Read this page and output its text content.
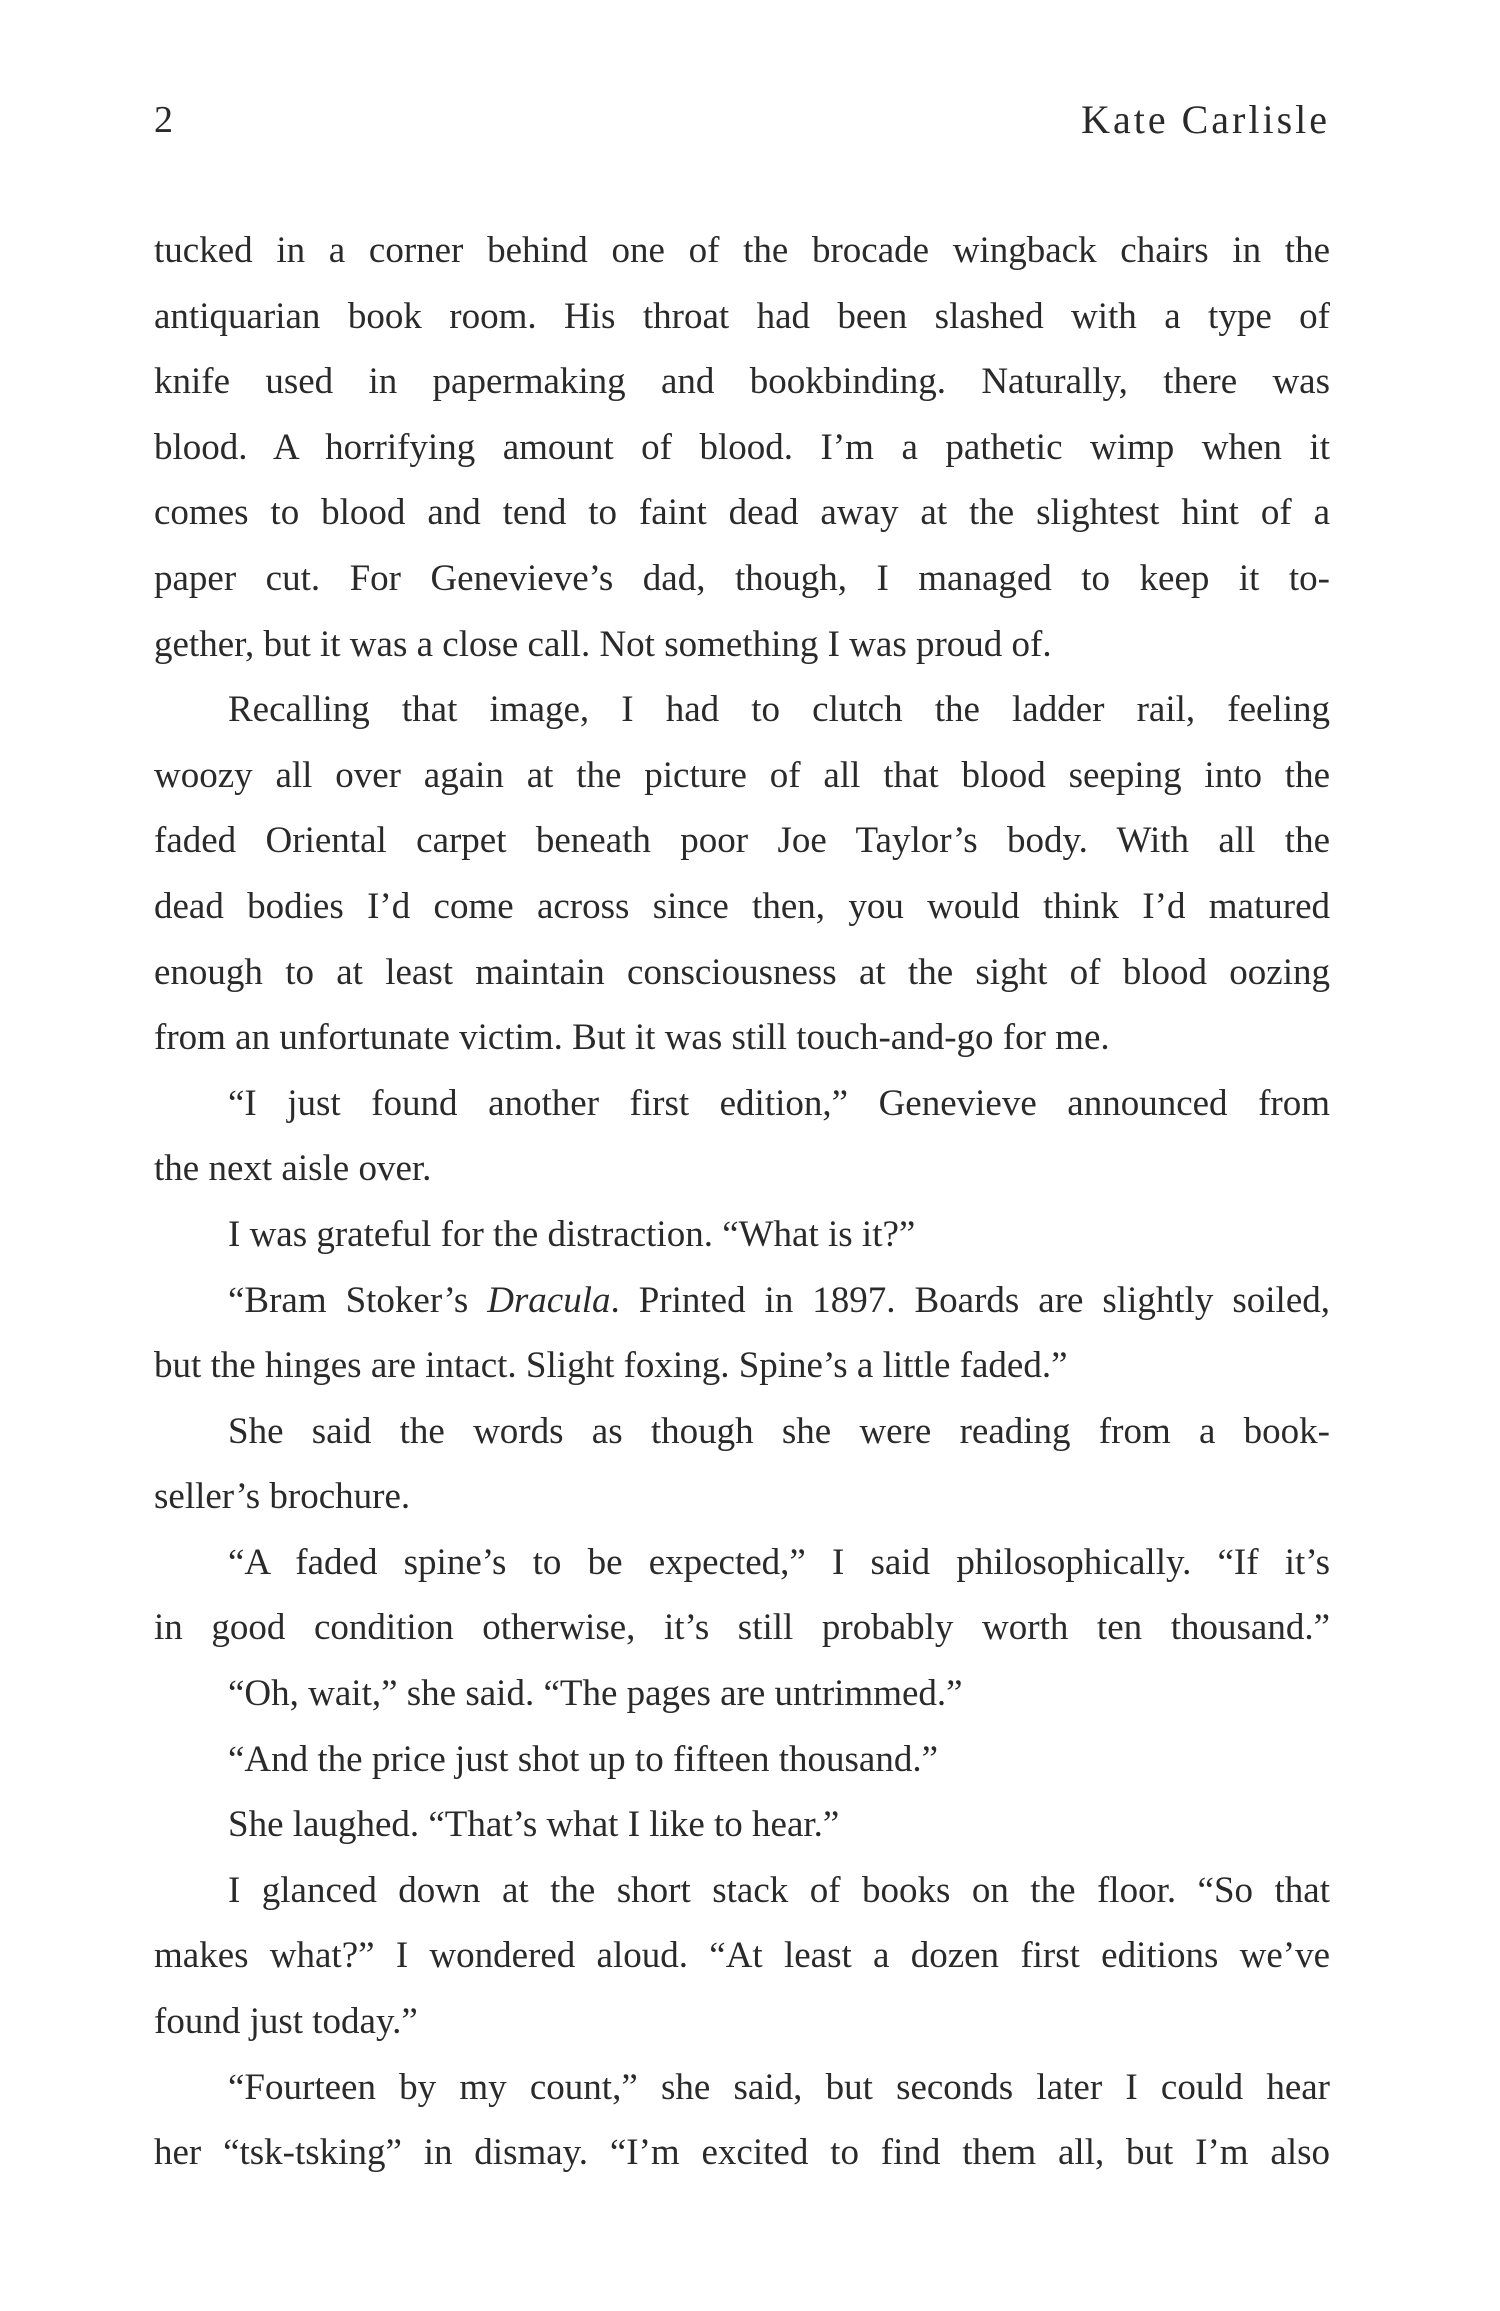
2	Kate Carlisle
tucked in a corner behind one of the brocade wingback chairs in the
antiquarian book room. His throat had been slashed with a type of
knife used in papermaking and bookbinding. Naturally, there was
blood. A horrifying amount of blood. I’m a pathetic wimp when it
comes to blood and tend to faint dead away at the slightest hint of a
paper cut. For Genevieve’s dad, though, I managed to keep it to-
gether, but it was a close call. Not something I was proud of.
Recalling that image, I had to clutch the ladder rail, feeling
woozy all over again at the picture of all that blood seeping into the
faded Oriental carpet beneath poor Joe Taylor’s body. With all the
dead bodies I’d come across since then, you would think I’d matured
enough to at least maintain consciousness at the sight of blood oozing
from an unfortunate victim. But it was still touch-and-go for me.
“I just found another first edition,” Genevieve announced from
the next aisle over.
I was grateful for the distraction. “What is it?”
“Bram Stoker’s Dracula. Printed in 1897. Boards are slightly soiled,
but the hinges are intact. Slight foxing. Spine’s a little faded.”
She said the words as though she were reading from a book-
seller’s brochure.
“A faded spine’s to be expected,” I said philosophically. “If it’s
in good condition otherwise, it’s still probably worth ten thousand.”
“Oh, wait,” she said. “The pages are untrimmed.”
“And the price just shot up to fifteen thousand.”
She laughed. “That’s what I like to hear.”
I glanced down at the short stack of books on the floor. “So that
makes what?” I wondered aloud. “At least a dozen first editions we’ve
found just today.”
“Fourteen by my count,” she said, but seconds later I could hear
her “tsk-tsking” in dismay. “I’m excited to find them all, but I’m also
